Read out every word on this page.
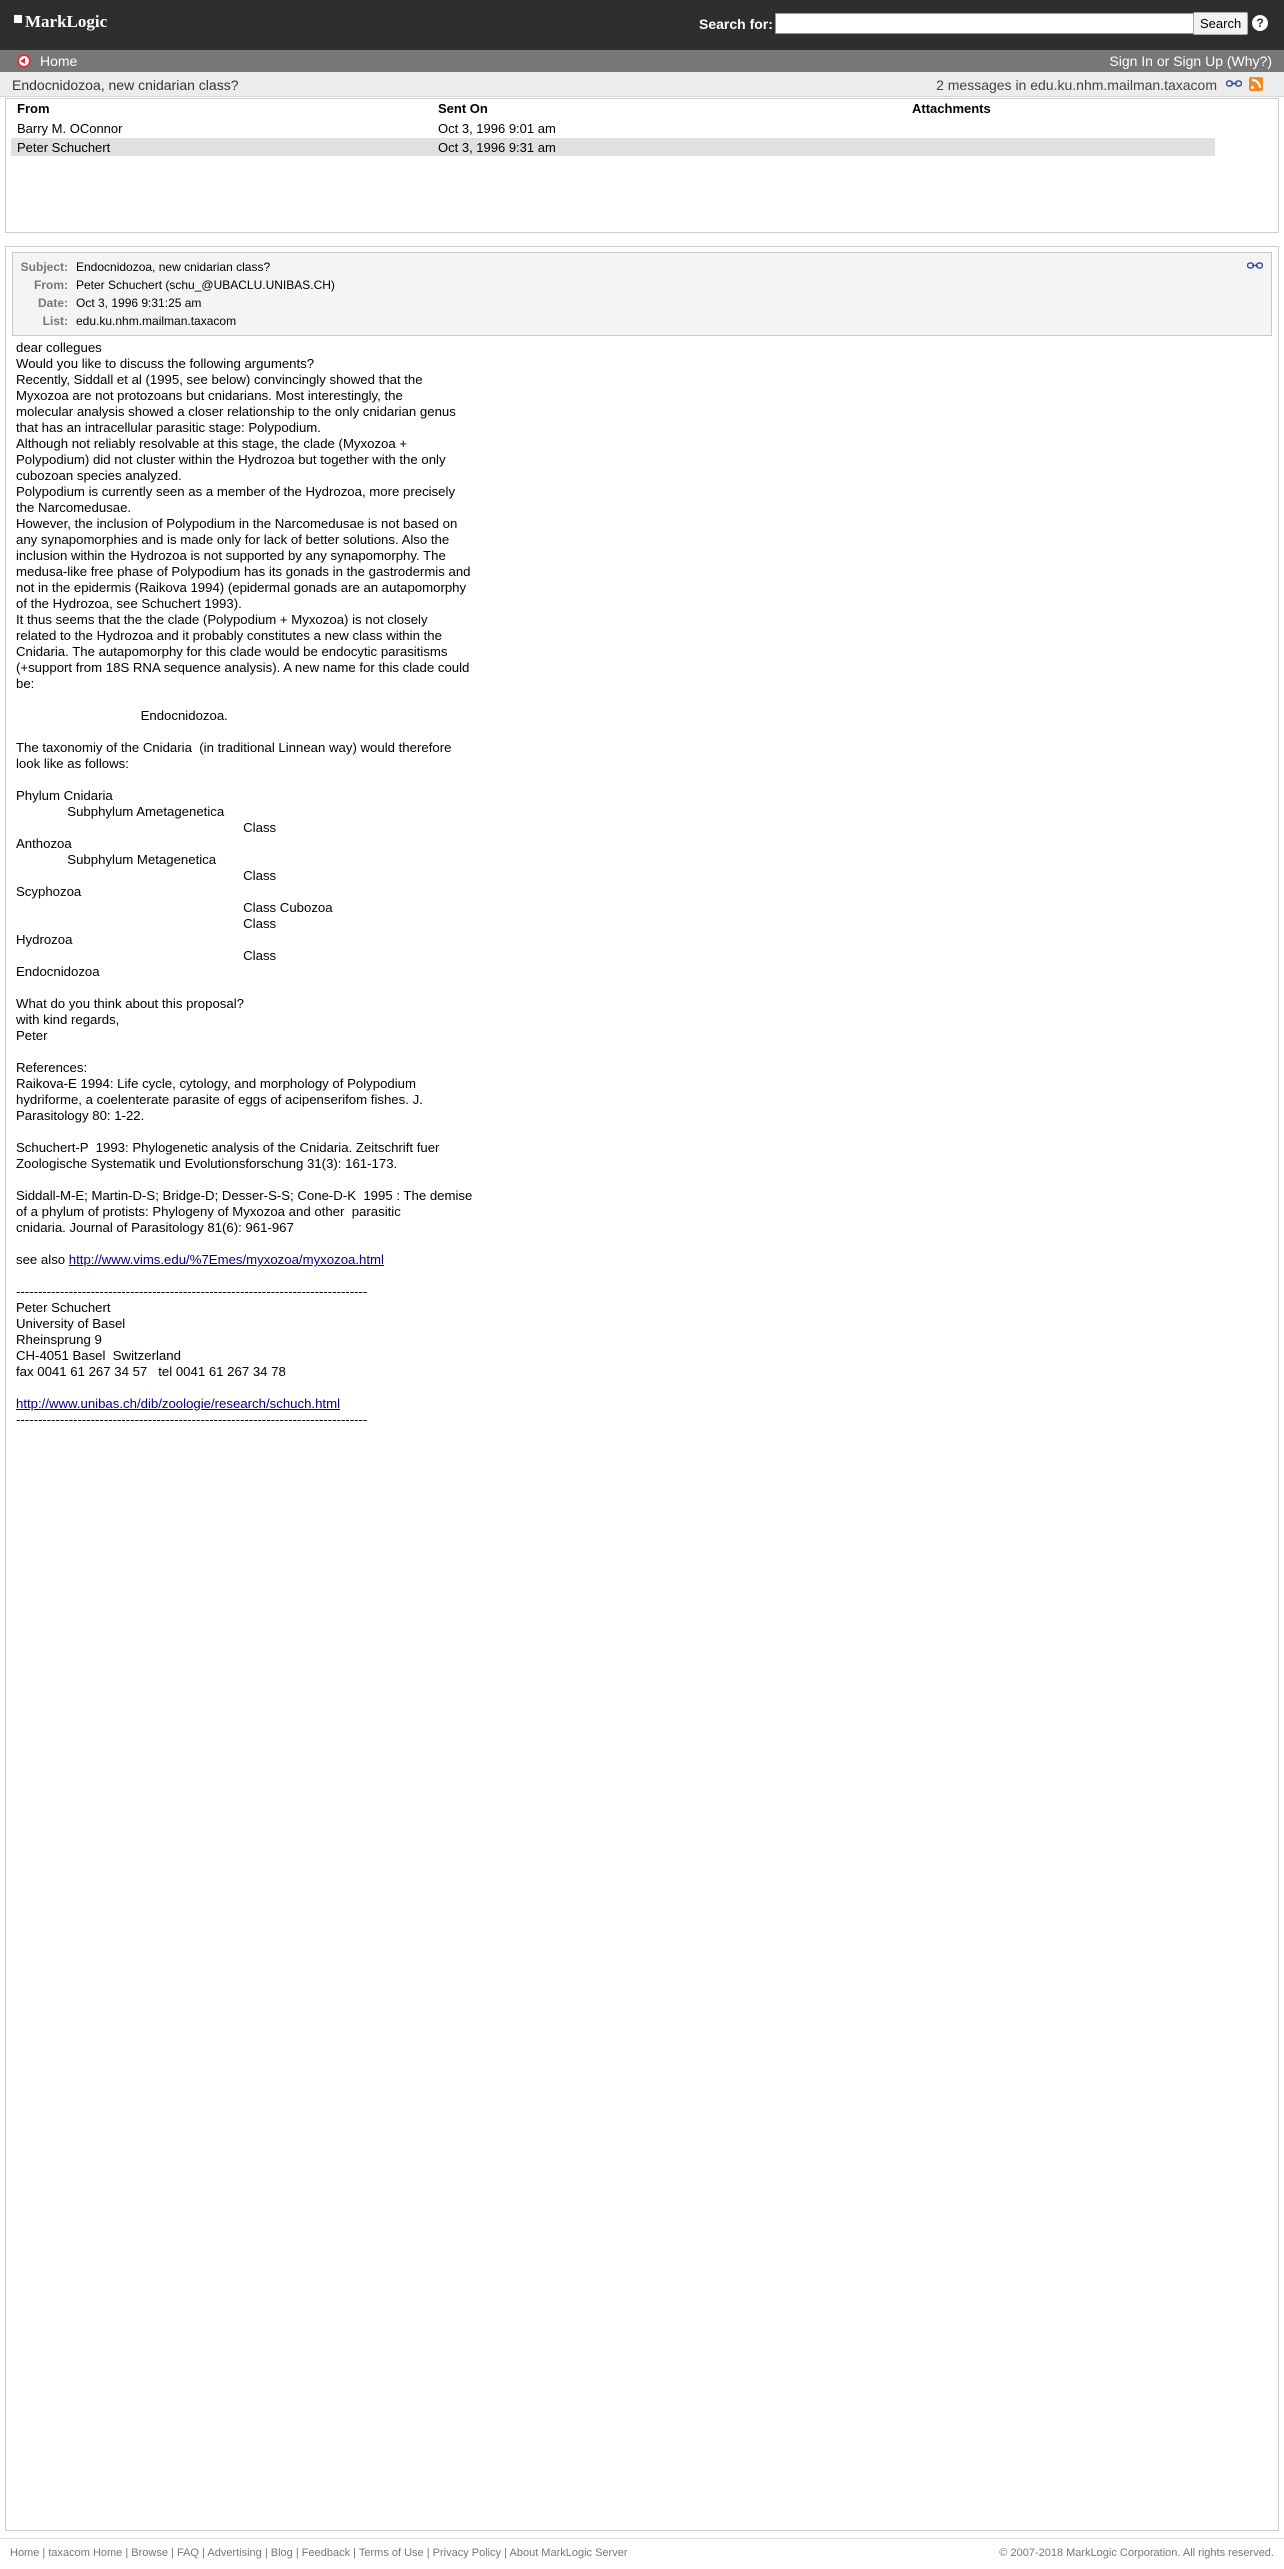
MarkLogic	Search for:	Search	?
Home	Sign In or Sign Up (Why?)
Endocnidozoa, new cnidarian class?	2 messages in edu.ku.nhm.mailman.taxacom
From	Sent On	Attachments
Barry M. OConnor	Oct 3, 1996 9:01 am
Peter Schuchert	Oct 3, 1996 9:31 am
Subject: Endocnidozoa, new cnidarian class?
From: Peter Schuchert (schu_@UBACLU.UNIBAS.CH)
Date: Oct 3, 1996 9:31:25 am
List: edu.ku.nhm.mailman.taxacom
dear collegues
Would you like to discuss the following arguments?
Recently, Siddall et al (1995, see below) convincingly showed that the
Myxozoa are not protozoans but cnidarians. Most interestingly, the
molecular analysis showed a closer relationship to the only cnidarian genus
that has an intracellular parasitic stage: Polypodium.
Although not reliably resolvable at this stage, the clade (Myxozoa +
Polypodium) did not cluster within the Hydrozoa but together with the only
cubozoan species analyzed.
Polypodium is currently seen as a member of the Hydrozoa, more precisely
the Narcomedusae.
However, the inclusion of Polypodium in the Narcomedusae is not based on
any synapomorphies and is made only for lack of better solutions. Also the
inclusion within the Hydrozoa is not supported by any synapomorphy. The
medusa-like free phase of Polypodium has its gonads in the gastrodermis and
not in the epidermis (Raikova 1994) (epidermal gonads are an autapomorphy
of the Hydrozoa, see Schuchert 1993).
It thus seems that the the clade (Polypodium + Myxozoa) is not closely
related to the Hydrozoa and it probably constitutes a new class within the
Cnidaria. The autapomorphy for this clade would be endocytic parasitisms
(+support from 18S RNA sequence analysis). A new name for this clade could
be:

Endocnidozoa.

The taxonomiy of the Cnidaria  (in traditional Linnean way) would therefore
look like as follows:

Phylum Cnidaria
Subphylum Ametagenetica
Class
Anthozoa
Subphylum Metagenetica
Class
Scyphozoa
Class Cubozoa
Class
Hydrozoa
Class
Endocnidozoa

What do you think about this proposal?
with kind regards,
Peter

References:
Raikova-E 1994: Life cycle, cytology, and morphology of Polypodium
hydriforme, a coelenterate parasite of eggs of acipenserifom fishes. J.
Parasitology 80: 1-22.

Schuchert-P  1993: Phylogenetic analysis of the Cnidaria. Zeitschrift fuer
Zoologische Systematik und Evolutionsforschung 31(3): 161-173.

Siddall-M-E; Martin-D-S; Bridge-D; Desser-S-S; Cone-D-K  1995 : The demise
of a phylum of protists: Phylogeny of Myxozoa and other  parasitic
cnidaria. Journal of Parasitology 81(6): 961-967

see also http://www.vims.edu/%7Emes/myxozoa/myxozoa.html

--------------------------------------------------------------------------------
Peter Schuchert
University of Basel
Rheinsprung 9
CH-4051 Basel  Switzerland
fax 0041 61 267 34 57   tel 0041 61 267 34 78

http://www.unibas.ch/dib/zoologie/research/schuch.html
--------------------------------------------------------------------------------
Home | taxacom Home | Browse | FAQ | Advertising | Blog | Feedback | Terms of Use | Privacy Policy | About MarkLogic Server	© 2007-2018 MarkLogic Corporation. All rights reserved.
